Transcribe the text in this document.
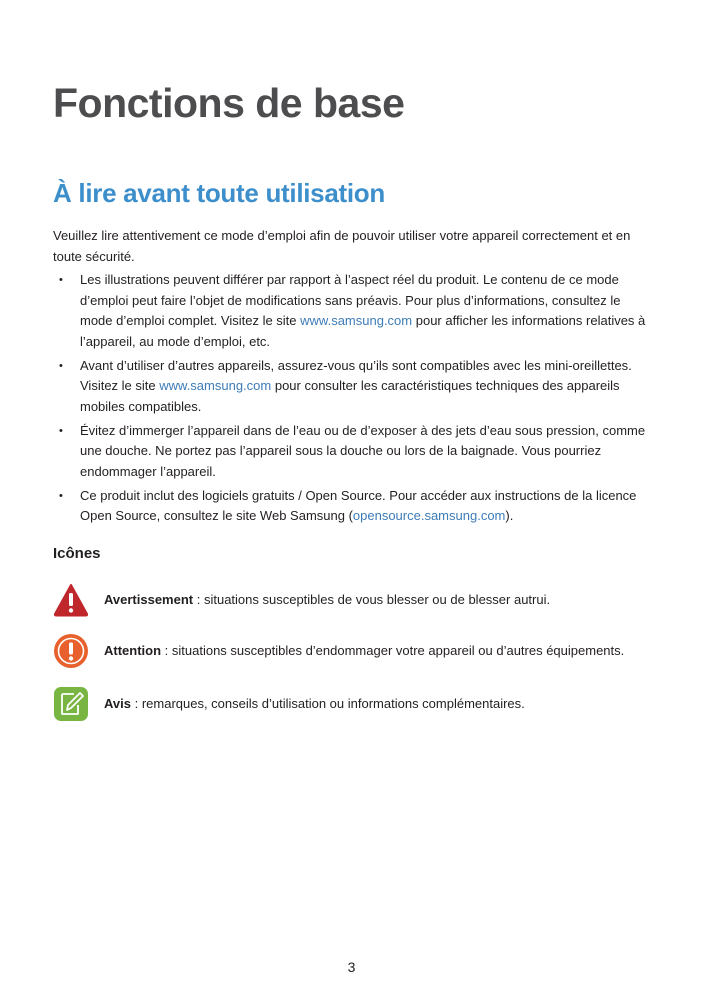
Fonctions de base
À lire avant toute utilisation

Veuillez lire attentivement ce mode d’emploi afin de pouvoir utiliser votre appareil correctement et en toute sécurité.

• Les illustrations peuvent différer par rapport à l’aspect réel du produit. Le contenu de ce mode d’emploi peut faire l’objet de modifications sans préavis. Pour plus d’informations, consultez le mode d’emploi complet. Visitez le site www.samsung.com pour afficher les informations relatives à l’appareil, au mode d’emploi, etc.
• Avant d’utiliser d’autres appareils, assurez-vous qu’ils sont compatibles avec les mini-oreillettes. Visitez le site www.samsung.com pour consulter les caractéristiques techniques des appareils mobiles compatibles.
• Évitez d’immerger l’appareil dans de l’eau ou de d’exposer à des jets d’eau sous pression, comme une douche. Ne portez pas l’appareil sous la douche ou lors de la baignade. Vous pourriez endommager l’appareil.
• Ce produit inclut des logiciels gratuits / Open Source. Pour accéder aux instructions de la licence Open Source, consultez le site Web Samsung (opensource.samsung.com).
Icônes
Avertissement : situations susceptibles de vous blesser ou de blesser autrui.
Attention : situations susceptibles d’endommager votre appareil ou d’autres équipements.
Avis : remarques, conseils d’utilisation ou informations complémentaires.
3
